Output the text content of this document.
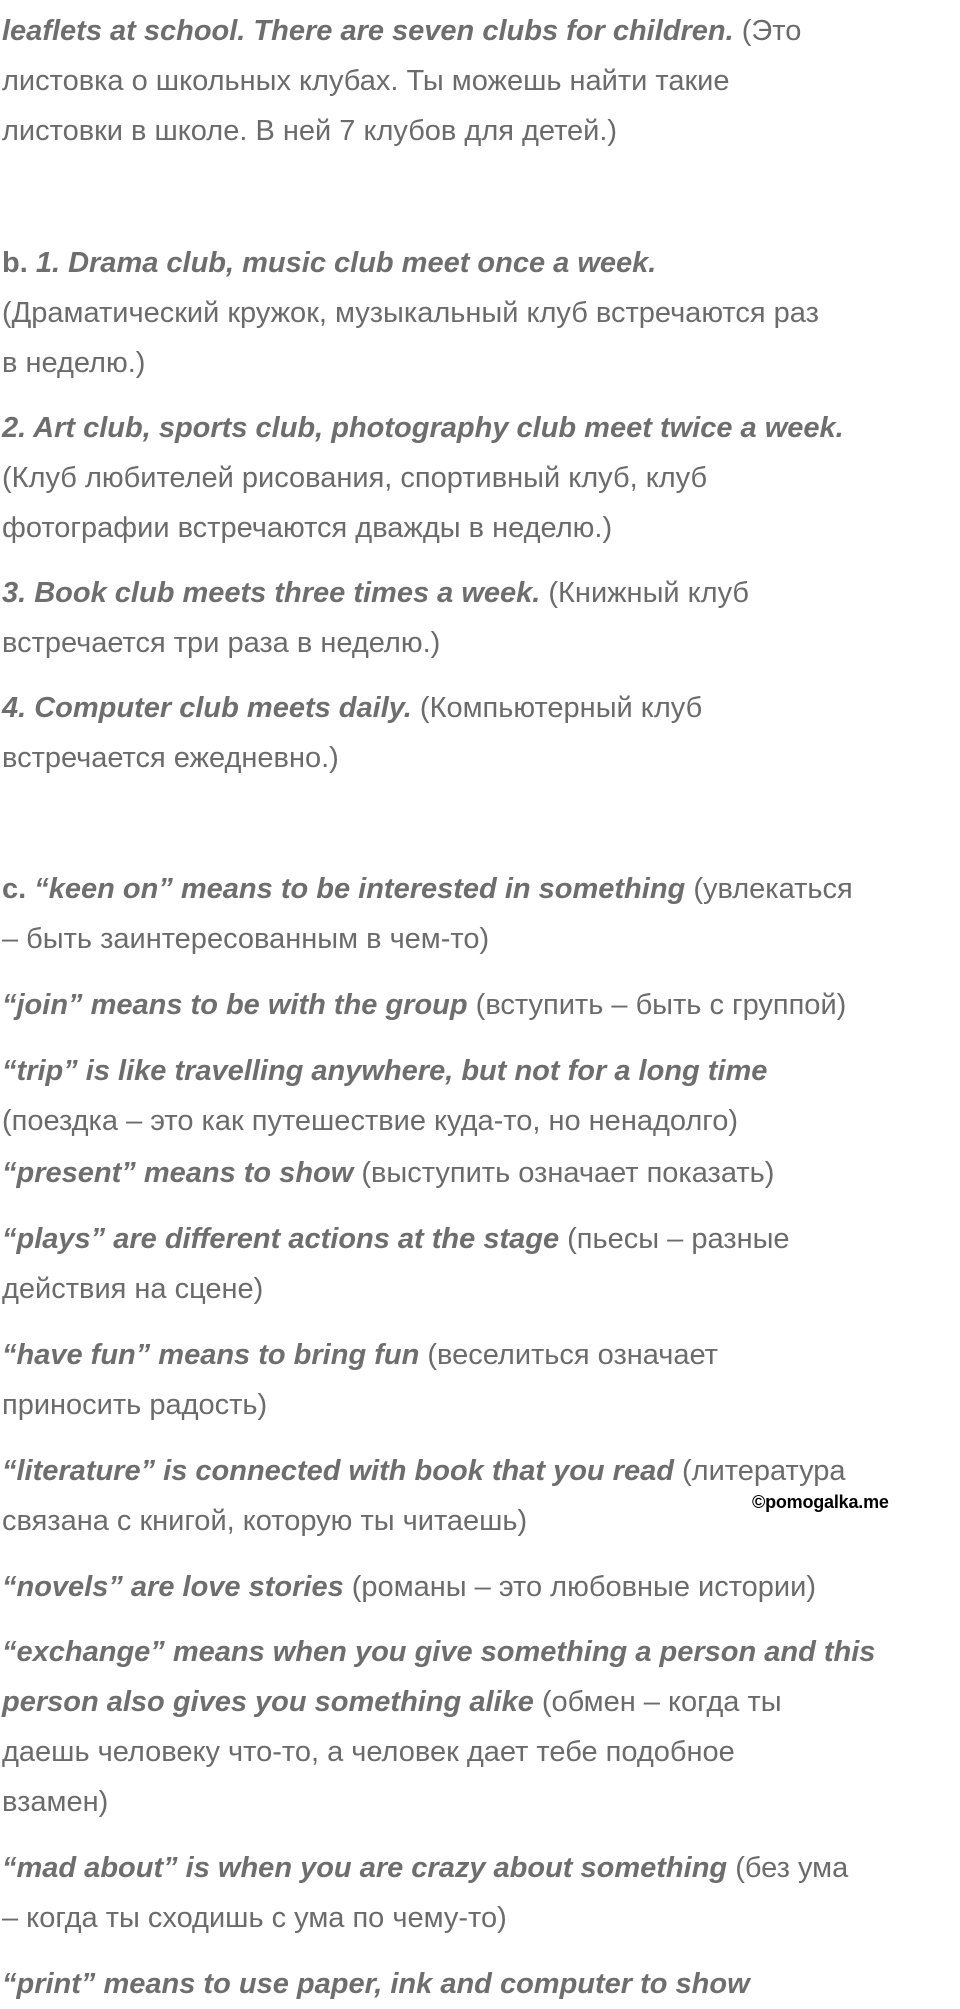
leaflets at school. There are seven clubs for children. (Это

листовка о школьных клубах. Ты можешь найти такие

листовки в школе. В ней 7 клубов для детей.)

b. 1. Drama club, music club meet once a week.

(Драматический кружок, музыкальный клуб встречаются раз

в неделю.)

2. Art club, sports club, photography club meet twice a week.

(Клуб любителей рисования, спортивный клуб, клуб

фотографии встречаются дважды в неделю.)

3. Book club meets three times a week. (Книжный клуб

встречается три раза в неделю.)

4. Computer club meets daily. (Компьютерный клуб

встречается ежедневно.)

c. “keen on” means to be interested in something (увлекаться

– быть заинтересованным в чем-то)

“join” means to be with the group (вступить – быть с группой)

“trip” is like travelling anywhere, but not for a long time

(поездка – это как путешествие куда-то, но ненадолго)

“present” means to show (выступить означает показать)

“plays” are different actions at the stage (пьесы – разные

действия на сцене)

“have fun” means to bring fun (веселиться означает

приносить радость)

“literature” is connected with book that you read (литература

связана с книгой, которую ты читаешь)

“novels” are love stories (романы – это любовные истории)

“exchange” means when you give something a person and this

person also gives you something alike (обмен – когда ты

даешь человеку что-то, а человек дает тебе подобное

взамен)

“mad about” is when you are crazy about something (без ума

– когда ты сходишь с ума по чему-то)

“print” means to use paper, ink and computer to show

©pomogalka.me
